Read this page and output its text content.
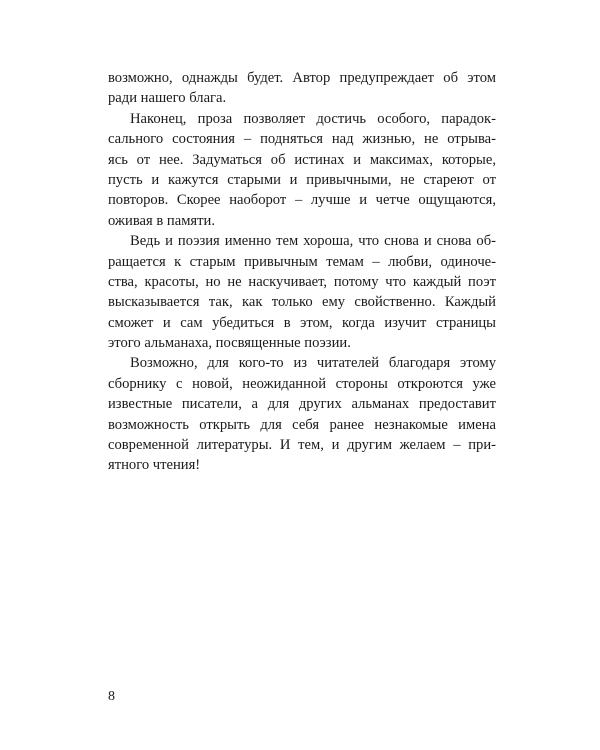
возможно, однажды будет. Автор предупреждает об этом
ради нашего блага.
Наконец, проза позволяет достичь особого, парадок-
сального состояния – подняться над жизнью, не отрыва-
ясь от нее. Задуматься об истинах и максимах, которые,
пусть и кажутся старыми и привычными, не стареют от
повторов. Скорее наоборот – лучше и четче ощущаются,
оживая в памяти.
Ведь и поэзия именно тем хороша, что снова и снова об-
ращается к старым привычным темам – любви, одиноче-
ства, красоты, но не наскучивает, потому что каждый поэт
высказывается так, как только ему свойственно. Каждый
сможет и сам убедиться в этом, когда изучит страницы
этого альманаха, посвященные поэзии.
Возможно, для кого-то из читателей благодаря этому
сборнику с новой, неожиданной стороны откроются уже
известные писатели, а для других альманах предоставит
возможность открыть для себя ранее незнакомые имена
современной литературы. И тем, и другим желаем – при-
ятного чтения!
8
